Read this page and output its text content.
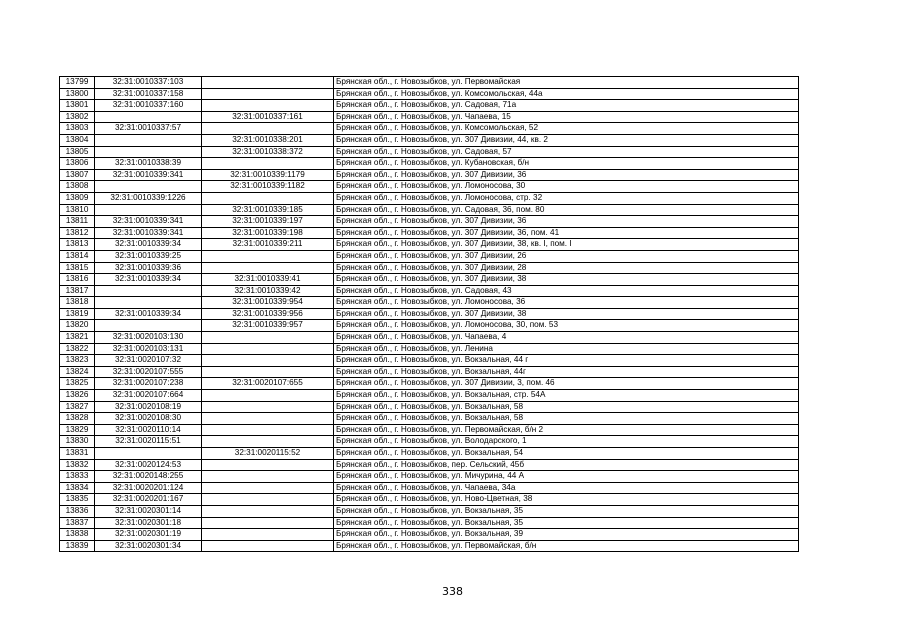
13799	32:31:0010337:103		Брянская обл., г. Новозыбков, ул. Первомайская
13800	32:31:0010337:158		Брянская обл., г. Новозыбков, ул. Комсомольская, 44а
13801	32:31:0010337:160		Брянская обл., г. Новозыбков, ул. Садовая, 71а
13802		32:31:0010337:161	Брянская обл., г. Новозыбков, ул. Чапаева, 15
13803	32:31:0010337:57		Брянская обл., г. Новозыбков, ул. Комсомольская, 52
13804		32:31:0010338:201	Брянская обл., г. Новозыбков, ул. 307 Дивизии, 44, кв. 2
13805		32:31:0010338:372	Брянская обл., г. Новозыбков, ул. Садовая, 57
13806	32:31:0010338:39		Брянская обл., г. Новозыбков, ул. Кубановская, б/н
13807	32:31:0010339:341	32:31:0010339:1179	Брянская обл., г. Новозыбков, ул. 307 Дивизии, 36
13808		32:31:0010339:1182	Брянская обл., г. Новозыбков, ул. Ломоносова, 30
13809	32:31:0010339:1226		Брянская обл., г. Новозыбков, ул. Ломоносова, стр. 32
13810		32:31:0010339:185	Брянская обл., г. Новозыбков, ул. Садовая, 36, пом. 80
13811	32:31:0010339:341	32:31:0010339:197	Брянская обл., г. Новозыбков, ул. 307 Дивизии, 36
13812	32:31:0010339:341	32:31:0010339:198	Брянская обл., г. Новозыбков, ул. 307 Дивизии, 36, пом. 41
13813	32:31:0010339:34	32:31:0010339:211	Брянская обл., г. Новозыбков, ул. 307 Дивизии, 38, кв. I, пом. I
13814	32:31:0010339:25		Брянская обл., г. Новозыбков, ул. 307 Дивизии, 26
13815	32:31:0010339:36		Брянская обл., г. Новозыбков, ул. 307 Дивизии, 28
13816	32:31:0010339:34	32:31:0010339:41	Брянская обл., г. Новозыбков, ул. 307 Дивизии, 38
13817		32:31:0010339:42	Брянская обл., г. Новозыбков, ул. Садовая, 43
13818		32:31:0010339:954	Брянская обл., г. Новозыбков, ул. Ломоносова, 36
13819	32:31:0010339:34	32:31:0010339:956	Брянская обл., г. Новозыбков, ул. 307 Дивизии, 38
13820		32:31:0010339:957	Брянская обл., г. Новозыбков, ул. Ломоносова, 30, пом. 53
13821	32:31:0020103:130		Брянская обл., г. Новозыбков, ул. Чапаева, 4
13822	32:31:0020103:131		Брянская обл., г. Новозыбков, ул. Ленина
13823	32:31:0020107:32		Брянская обл., г. Новозыбков, ул. Вокзальная, 44 г
13824	32:31:0020107:555		Брянская обл., г. Новозыбков, ул. Вокзальная, 44г
13825	32:31:0020107:238	32:31:0020107:655	Брянская обл., г. Новозыбков, ул. 307 Дивизии, 3, пом. 46
13826	32:31:0020107:664		Брянская обл., г. Новозыбков, ул. Вокзальная, стр. 54А
13827	32:31:0020108:19		Брянская обл., г. Новозыбков, ул. Вокзальная, 58
13828	32:31:0020108:30		Брянская обл., г. Новозыбков, ул. Вокзальная, 58
13829	32:31:0020110:14		Брянская обл., г. Новозыбков, ул. Первомайская, б/н 2
13830	32:31:0020115:51		Брянская обл., г. Новозыбков, ул. Володарского, 1
13831		32:31:0020115:52	Брянская обл., г. Новозыбков, ул. Вокзальная, 54
13832	32:31:0020124:53		Брянская обл., г. Новозыбков, пер. Сельский, 45б
13833	32:31:0020148:255		Брянская обл., г. Новозыбков, ул. Мичурина, 44 А
13834	32:31:0020201:124		Брянская обл., г. Новозыбков, ул. Чапаева, 34а
13835	32:31:0020201:167		Брянская обл., г. Новозыбков, ул. Ново-Цветная, 38
13836	32:31:0020301:14		Брянская обл., г. Новозыбков, ул. Вокзальная, 35
13837	32:31:0020301:18		Брянская обл., г. Новозыбков, ул. Вокзальная, 35
13838	32:31:0020301:19		Брянская обл., г. Новозыбков, ул. Вокзальная, 39
13839	32:31:0020301:34		Брянская обл., г. Новозыбков, ул. Первомайская, б/н
338
